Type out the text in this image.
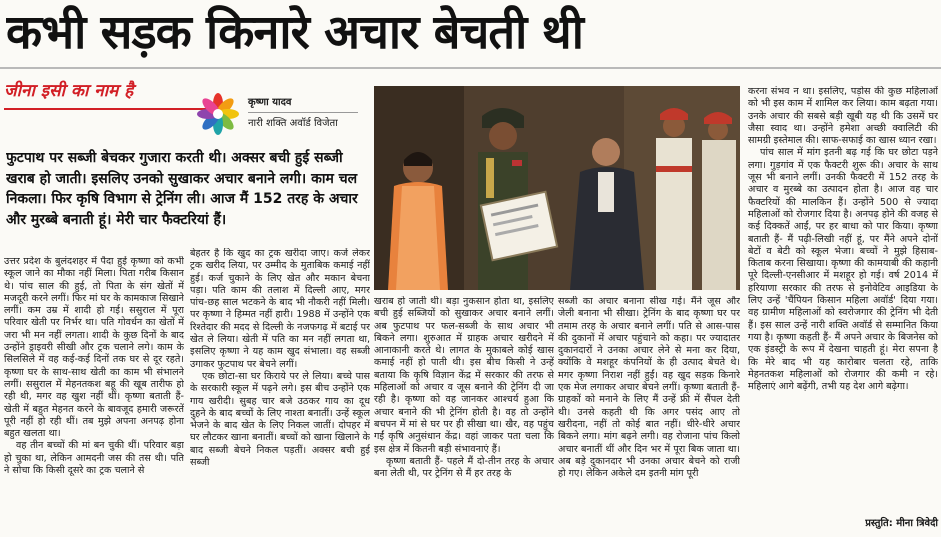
कभी सड़क किनारे अचार बेचती थी
जीना इसी का नाम है
कृष्णा यादव
नारी शक्ति अवॉर्ड विजेता
फुटपाथ पर सब्जी बेचकर गुजारा करती थी। अक्सर बची हुई सब्जी खराब हो जाती। इसलिए उनको सुखाकर अचार बनाने लगी। काम चल निकला। फिर कृषि विभाग से ट्रेनिंग ली। आज मैं 152 तरह के अचार और मुरब्बे बनाती हूं। मेरी चार फैक्टरियां हैं।

उत्तर प्रदेश के बुलंदशहर में पैदा हुई कृष्णा को कभी स्कूल जाने का मौका नहीं मिला। पिता गरीब किसान थे। पांच साल की हुई, तो पिता के संग खेतों में मजदूरी करने लगीं। फिर मां घर के कामकाज सिखाने लगीं। कम उम्र में शादी हो गई। ससुराल में पूरा परिवार खेती पर निर्भर था। पति गोवर्धन का खेतों में जरा भी मन नहीं लगता। शादी के कुछ दिनों के बाद उन्होंने ड्राइवरी सीखी और ट्रक चलाने लगे। काम के सिलसिले में वह कई-कई दिनों तक घर से दूर रहते। कृष्णा घर के साथ-साथ खेती का काम भी संभालने लगीं। ससुराल में मेहनतकश बहू की खूब तारीफ हो रही थी, मगर वह खुश नहीं थीं। कृष्णा बताती हैं- खेती में बहुत मेहनत करने के बावजूद हमारी जरूरतें पूरी नहीं हो रही थीं। तब मुझे अपना अनपढ़ होना बहुत खलता था।

वह तीन बच्चों की मां बन चुकी थीं। परिवार बड़ा हो चुका था, लेकिन आमदनी जस की तस थी। पति ने सोचा कि किसी दूसरे का ट्रक चलाने से

बेहतर है कि खुद का ट्रक खरीदा जाए। कर्ज लेकर ट्रक खरीद लिया, पर उम्मीद के मुताबिक कमाई नहीं हुई। कर्ज चुकाने के लिए खेत और मकान बेचना पड़ा। पति काम की तलाश में दिल्ली आए, मगर पांच-छह साल भटकने के बाद भी नौकरी नहीं मिली। पर कृष्णा ने हिम्मत नहीं हारी। 1988 में उन्होंने एक रिश्तेदार की मदद से दिल्ली के नजफगढ़ में बटाई पर खेत ले लिया। खेती में पति का मन नहीं लगता था, इसलिए कृष्णा ने यह काम खुद संभाला। वह सब्जी उगाकर फुटपाथ पर बेचने लगीं।

एक छोटा-सा घर किराये पर ले लिया। बच्चे पास के सरकारी स्कूल में पढ़ने लगे। इस बीच उन्होंने एक गाय खरीदी। सुबह चार बजे उठकर गाय का दूध दुहने के बाद बच्चों के लिए नाश्ता बनातीं। उन्हें स्कूल भेजने के बाद खेत के लिए निकल जातीं। दोपहर में घर लौटकर खाना बनातीं। बच्चों को खाना खिलाने के बाद सब्जी बेचने निकल पड़तीं। अक्सर बची हुई सब्जी

खराब हो जाती थी। बड़ा नुकसान होता था, इसलिए बची हुई सब्जियों को सुखाकर अचार बनाने लगीं। अब फुटपाथ पर फल-सब्जी के साथ अचार भी बिकने लगा। शुरुआत में ग्राहक अचार खरीदने में आनाकानी करते थे। लागत के मुकाबले कोई खास कमाई नहीं हो पाती थी। इस बीच किसी ने उन्हें बताया कि कृषि विज्ञान केंद्र में सरकार की तरफ से महिलाओं को अचार व जूस बनाने की ट्रेनिंग दी जा रही है। कृष्णा को वह जानकर आश्चर्य हुआ कि अचार बनाने की भी ट्रेनिंग होती है। वह तो उन्होंने बचपन में मां से घर पर ही सीखा था। खैर, वह पहुंच गईं कृषि अनुसंधान केंद्र। वहां जाकर पता चला कि इस क्षेत्र में कितनी बड़ी संभावनाएं हैं।

कृष्णा बताती हैं- पहले मैं दो-तीन तरह के अचार बना लेती थी, पर ट्रेनिंग से मैं हर तरह के

सब्जी का अचार बनाना सीख गई। मैंने जूस और जेली बनाना भी सीखा। ट्रेनिंग के बाद कृष्णा घर पर तमाम तरह के अचार बनाने लगीं। पति से आस-पास की दुकानों में अचार पहुंचाने को कहा। पर ज्यादातर दुकानदारों ने उनका अचार लेने से मना कर दिया, क्योंकि वे मशहूर कंपनियों के ही उत्पाद बेचते थे। मगर कृष्णा निराश नहीं हुईं। वह खुद सड़क किनारे एक मेज लगाकर अचार बेचने लगीं। कृष्णा बताती हैं- ग्राहकों को मनाने के लिए मैं उन्हें फ्री में सैंपल देती थी। उनसे कहती थी कि अगर पसंद आए तो खरीदना, नहीं तो कोई बात नहीं। धीरे-धीरे अचार बिकने लगा। मांग बढ़ने लगी। वह रोजाना पांच किलो अचार बनातीं थीं और दिन भर में पूरा बिक जाता था। अब बड़े दुकानदार भी उनका अचार बेचने को राजी हो गए। लेकिन अकेले दम इतनी मांग पूरी

करना संभव न था। इसलिए, पड़ोस की कुछ महिलाओं को भी इस काम में शामिल कर लिया। काम बढ़ता गया। उनके अचार की सबसे बड़ी खूबी यह थी कि उसमें घर जैसा स्वाद था। उन्होंने हमेशा अच्छी क्वालिटी की सामग्री इस्तेमाल की। साफ-सफाई का खास ध्यान रखा।

पांच साल में मांग इतनी बढ़ गई कि घर छोटा पड़ने लगा। गुड़गांव में एक फैक्टरी शुरू की। अचार के साथ जूस भी बनाने लगीं। उनकी फैक्टरी में 152 तरह के अचार व मुरब्बे का उत्पादन होता है। आज वह चार फैक्टरियों की मालकिन हैं। उन्होंने 500 से ज्यादा महिलाओं को रोजगार दिया है। अनपढ़ होने की वजह से कई दिक्कतें आईं, पर हर बाधा को पार किया। कृष्णा बताती हैं- मैं पढ़ी-लिखी नहीं हूं, पर मैंने अपने दोनों बेटों व बेटी को स्कूल भेजा। बच्चों ने मुझे हिसाब-किताब करना सिखाया। कृष्णा की कामयाबी की कहानी पूरे दिल्ली-एनसीआर में मशहूर हो गई। वर्ष 2014 में हरियाणा सरकार की तरफ से इनोवेटिव आइडिया के लिए उन्हें 'चैंपियन किसान महिला अवॉर्ड' दिया गया। वह ग्रामीण महिलाओं को स्वरोजगार की ट्रेनिंग भी देती हैं। इस साल उन्हें नारी शक्ति अवॉर्ड से सम्मानित किया गया है। कृष्णा कहती हैं- मैं अपने अचार के बिजनेस को एक इंडस्ट्री के रूप में देखना चाहती हूं। मेरा सपना है कि मेरे बाद भी यह कारोबार चलता रहे, ताकि मेहनतकश महिलाओं को रोजगार की कमी न रहे। महिलाएं आगे बढ़ेंगी, तभी यह देश आगे बढ़ेगा।

प्रस्तुति: मीना त्रिवेदी
